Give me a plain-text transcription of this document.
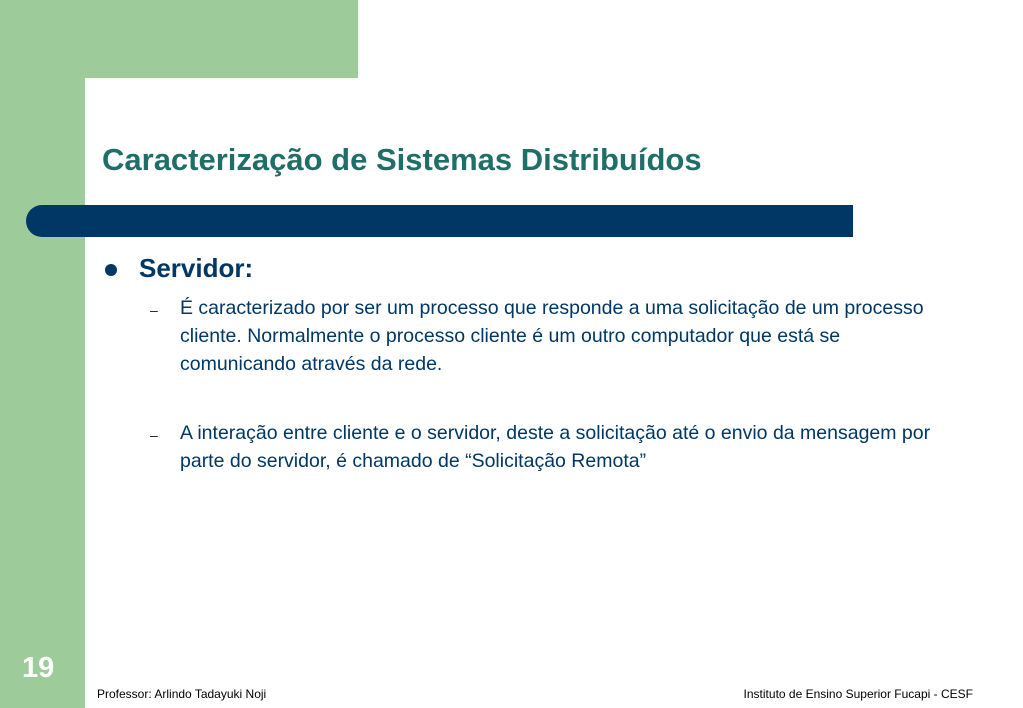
Caracterização de Sistemas Distribuídos
Servidor:
– É caracterizado por ser um processo que responde a uma solicitação de um processo cliente. Normalmente o processo cliente é um outro computador que está se comunicando através da rede.
– A interação entre cliente e o servidor, deste a solicitação até o envio da mensagem por parte do servidor, é chamado de “Solicitação Remota”
19
Professor: Arlindo Tadayuki Noji	Instituto de Ensino Superior Fucapi - CESF
